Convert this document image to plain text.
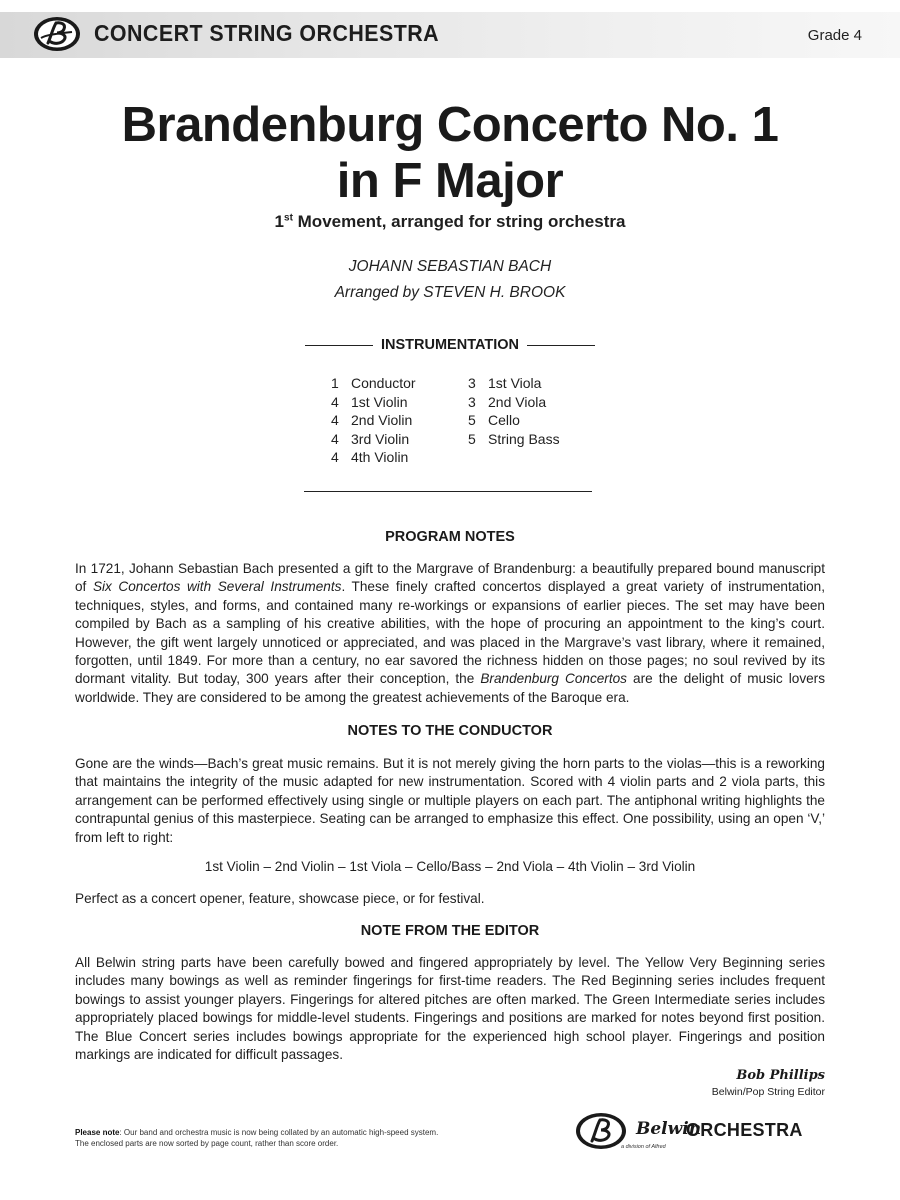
CONCERT STRING ORCHESTRA	Grade 4
Brandenburg Concerto No. 1
in F Major
1st Movement, arranged for string orchestra
JOHANN SEBASTIAN BACH
Arranged by STEVEN H. BROOK
INSTRUMENTATION
1 Conductor
4 1st Violin
4 2nd Violin
4 3rd Violin
4 4th Violin
3 1st Viola
3 2nd Viola
5 Cello
5 String Bass
PROGRAM NOTES
In 1721, Johann Sebastian Bach presented a gift to the Margrave of Brandenburg: a beautifully prepared bound manuscript of Six Concertos with Several Instruments. These finely crafted concertos displayed a great variety of instrumentation, techniques, styles, and forms, and contained many re-workings or expansions of earlier pieces. The set may have been compiled by Bach as a sampling of his creative abilities, with the hope of procuring an appointment to the king’s court. However, the gift went largely unnoticed or appreciated, and was placed in the Margrave’s vast library, where it remained, forgotten, until 1849. For more than a century, no ear savored the richness hidden on those pages; no soul revived by its dormant vitality. But today, 300 years after their conception, the Brandenburg Concertos are the delight of music lovers worldwide. They are considered to be among the greatest achievements of the Baroque era.
NOTES TO THE CONDUCTOR
Gone are the winds—Bach’s great music remains. But it is not merely giving the horn parts to the violas—this is a reworking that maintains the integrity of the music adapted for new instrumentation. Scored with 4 violin parts and 2 viola parts, this arrangement can be performed effectively using single or multiple players on each part. The antiphonal writing highlights the contrapuntal genius of this masterpiece. Seating can be arranged to emphasize this effect. One possibility, using an open ‘V,’ from left to right:
1st Violin – 2nd Violin – 1st Viola – Cello/Bass – 2nd Viola – 4th Violin – 3rd Violin
Perfect as a concert opener, feature, showcase piece, or for festival.
NOTE FROM THE EDITOR
All Belwin string parts have been carefully bowed and fingered appropriately by level. The Yellow Very Beginning series includes many bowings as well as reminder fingerings for first-time readers. The Red Beginning series includes frequent bowings to assist younger players. Fingerings for altered pitches are often marked. The Green Intermediate series includes appropriately placed bowings for middle-level students. Fingerings and positions are marked for notes beyond first position. The Blue Concert series includes bowings appropriate for the experienced high school player. Fingerings and position markings are indicated for difficult passages.
Bob Phillips
Belwin/Pop String Editor
Please note: Our band and orchestra music is now being collated by an automatic high-speed system.
The enclosed parts are now sorted by page count, rather than score order.
Belwin
ORCHESTRA
a division of Alfred
